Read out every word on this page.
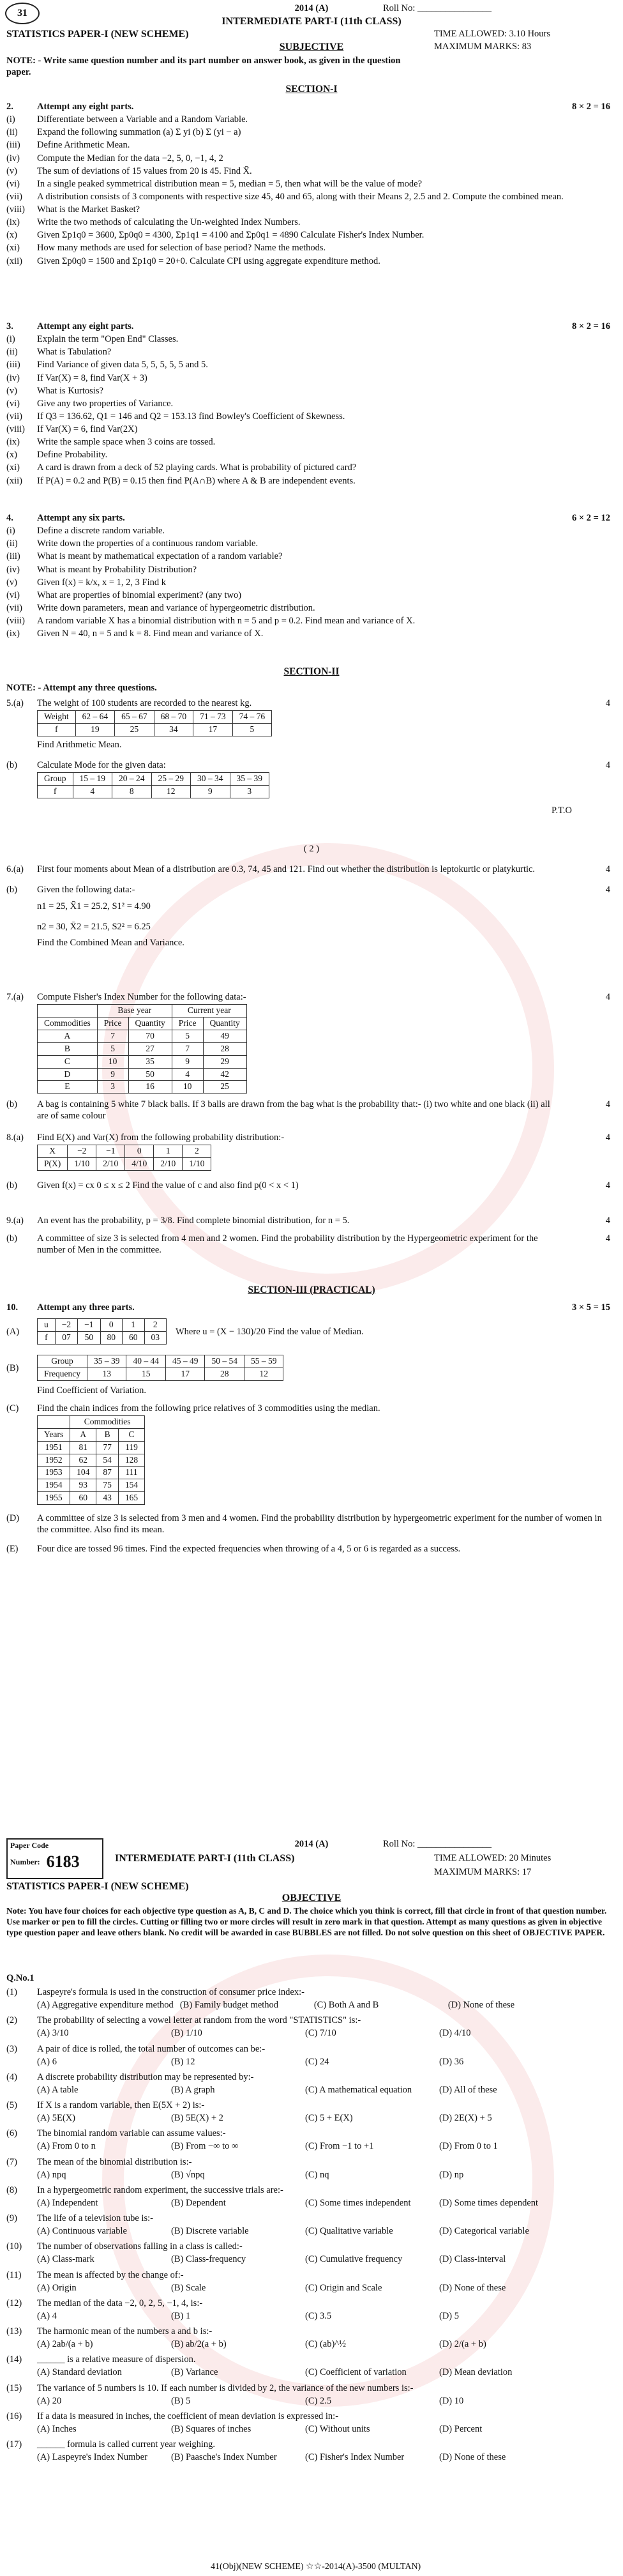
31	2014 (A)	Roll No: ________________
INTERMEDIATE PART-I (11th CLASS)
STATISTICS PAPER-I (NEW SCHEME)	TIME ALLOWED: 3.10 Hours
SUBJECTIVE	MAXIMUM MARKS: 83
NOTE: - Write same question number and its part number on answer book, as given in the question paper.
SECTION-I
2.	Attempt any eight parts.	8 × 2 = 16
(i)	Differentiate between a Variable and a Random Variable.
(ii)	Expand the following summation (a) Σ yi (b) Σ (yi − a)
(iii)	Define Arithmetic Mean.
(iv)	Compute the Median for the data −2, 5, 0, −1, 4, 2
(v)	The sum of deviations of 15 values from 20 is 45. Find X̄.
(vi)	In a single peaked symmetrical distribution mean = 5, median = 5, then what will be the value of mode?
(vii)	A distribution consists of 3 components with respective size 45, 40 and 65, along with their Means 2, 2.5 and 2. Compute the combined mean.
(viii)	What is the Market Basket?
(ix)	Write the two methods of calculating the Un-weighted Index Numbers.
(x)	Given Σp1q0 = 3600, Σp0q0 = 4300, Σp1q1 = 4100 and Σp0q1 = 4890 Calculate Fisher's Index Number.
(xi)	How many methods are used for selection of base period? Name the methods.
(xii)	Given Σp0q0 = 1500 and Σp1q0 = 20+0. Calculate CPI using aggregate expenditure method.
3.	Attempt any eight parts.	8 × 2 = 16
(i)	Explain the term "Open End" Classes.
(ii)	What is Tabulation?
(iii)	Find Variance of given data 5, 5, 5, 5, 5 and 5.
(iv)	If Var(X) = 8, find Var(X + 3)
(v)	What is Kurtosis?
(vi)	Give any two properties of Variance.
(vii)	If Q3 = 136.62, Q1 = 146 and Q2 = 153.13 find Bowley's Coefficient of Skewness.
(viii)	If Var(X) = 6, find Var(2X)
(ix)	Write the sample space when 3 coins are tossed.
(x)	Define Probability.
(xi)	A card is drawn from a deck of 52 playing cards. What is probability of pictured card?
(xii)	If P(A) = 0.2 and P(B) = 0.15 then find P(A∩B) where A & B are independent events.
4.	Attempt any six parts.	6 × 2 = 12
(i)	Define a discrete random variable.
(ii)	Write down the properties of a continuous random variable.
(iii)	What is meant by mathematical expectation of a random variable?
(iv)	What is meant by Probability Distribution?
(v)	Given f(x) = k/x, x = 1, 2, 3 Find k
(vi)	What are properties of binomial experiment? (any two)
(vii)	Write down parameters, mean and variance of hypergeometric distribution.
(viii)	A random variable X has a binomial distribution with n = 5 and p = 0.2. Find mean and variance of X.
(ix)	Given N = 40, n = 5 and k = 8. Find mean and variance of X.
SECTION-II
NOTE: - Attempt any three questions.
5.(a)	The weight of 100 students are recorded to the nearest kg.	4
Weight	62 – 64	65 – 67	68 – 70	71 – 73	74 – 76
f	19	25	34	17	5
Find Arithmetic Mean.
(b)	Calculate Mode for the given data:	4
Group	15 – 19	20 – 24	25 – 29	30 – 34	35 – 39
f	4	8	12	9	3
P.T.O
( 2 )
6.(a)	First four moments about Mean of a distribution are 0.3, 74, 45 and 121. Find out whether the distribution is leptokurtic or platykurtic.	4
(b)	Given the following data:-	4
n1 = 25, X̄1 = 25.2, S1² = 4.90
n2 = 30, X̄2 = 21.5, S2² = 6.25
Find the Combined Mean and Variance.
7.(a)	Compute Fisher's Index Number for the following data:-	4
	Base year		Current year	
Commodities	Price	Quantity	Price	Quantity
A	7	70	5	49
B	5	27	7	28
C	10	35	9	29
D	9	50	4	42
E	3	16	10	25
(b)	A bag is containing 5 white 7 black balls. If 3 balls are drawn from the bag what is the probability that:- (i) two white and one black (ii) all are of same colour
4
8.(a)	Find E(X) and Var(X) from the following probability distribution:-	4
X	−2	−1	0	1	2
P(X)	1/10	2/10	4/10	2/10	1/10
(b)	Given f(x) = cx 0 ≤ x ≤ 2 Find the value of c and also find p(0 < x < 1)	4
9.(a)	An event has the probability, p = 3/8. Find complete binomial distribution, for n = 5.	4
(b)	A committee of size 3 is selected from 4 men and 2 women. Find the probability distribution by the Hypergeometric experiment for the number of Men in the committee.
4
SECTION-III (PRACTICAL)
10.	Attempt any three parts.	3 × 5 = 15
(A)
u	−2	−1	0	1	2
f	07	50	80	60	03
Where u = (X − 130)/20 Find the value of Median.
(B)
Group	35 – 39	40 – 44	45 – 49	50 – 54	55 – 59
Frequency	13	15	17	28	12
Find Coefficient of Variation.
(C)	Find the chain indices from the following price relatives of 3 commodities using the median.
	Commodities		
Years	A	B	C
1951	81	77	119
1952	62	54	128
1953	104	87	111
1954	93	75	154
1955	60	43	165
(D)	A committee of size 3 is selected from 3 men and 4 women. Find the probability distribution by hypergeometric experiment for the number of women in the committee. Also find its mean.
(E)	Four dice are tossed 96 times. Find the expected frequencies when throwing of a 4, 5 or 6 is regarded as a success.
Paper Code
Number: 6183
2014 (A)	Roll No: ________________
INTERMEDIATE PART-I (11th CLASS)	TIME ALLOWED: 20 Minutes
STATISTICS PAPER-I (NEW SCHEME)
OBJECTIVE
MAXIMUM MARKS: 17
Note: You have four choices for each objective type question as A, B, C and D. The choice which you think is correct, fill that circle in front of that question number. Use marker or pen to fill the circles. Cutting or filling two or more circles will result in zero mark in that question. Attempt as many questions as given in objective type question paper and leave others blank. No credit will be awarded in case BUBBLES are not filled. Do not solve question on this sheet of OBJECTIVE PAPER.
Q.No.1
(1)	Laspeyre's formula is used in the construction of consumer price index:-
(A) Aggregative expenditure method (B) Family budget method	(C) Both A and B	(D) None of these
(2)	The probability of selecting a vowel letter at random from the word "STATISTICS" is:-
(A) 3/10	(B) 1/10	(C) 7/10	(D) 4/10
(3)	A pair of dice is rolled, the total number of outcomes can be:-
(A) 6	(B) 12	(C) 24	(D) 36
(4)	A discrete probability distribution may be represented by:-
(A) A table	(B) A graph	(C) A mathematical equation	(D) All of these
(5)	If X is a random variable, then E(5X + 2) is:-
(A) 5E(X)	(B) 5E(X) + 2	(C) 5 + E(X)	(D) 2E(X) + 5
(6)	The binomial random variable can assume values:-
(A) From 0 to n	(B) From −∞ to ∞	(C) From −1 to +1	(D) From 0 to 1
(7)	The mean of the binomial distribution is:-
(A) npq	(B) √npq	(C) nq	(D) np
(8)	In a hypergeometric random experiment, the successive trials are:-
(A) Independent	(B) Dependent	(C) Some times independent	(D) Some times dependent
(9)	The life of a television tube is:-
(A) Continuous variable	(B) Discrete variable	(C) Qualitative variable	(D) Categorical variable
(10)	The number of observations falling in a class is called:-
(A) Class-mark	(B) Class-frequency	(C) Cumulative frequency	(D) Class-interval
(11)	The mean is affected by the change of:-
(A) Origin	(B) Scale	(C) Origin and Scale	(D) None of these
(12)	The median of the data −2, 0, 2, 5, −1, 4, is:-
(A) 4	(B) 1	(C) 3.5	(D) 5
(13)	The harmonic mean of the numbers a and b is:-
(A) 2ab/(a + b)	(B) ab/2(a + b)	(C) (ab)^½	(D) 2/(a + b)
(14)	______ is a relative measure of dispersion.
(A) Standard deviation	(B) Variance	(C) Coefficient of variation	(D) Mean deviation
(15)	The variance of 5 numbers is 10. If each number is divided by 2, the variance of the new numbers is:-
(A) 20	(B) 5	(C) 2.5	(D) 10
(16)	If a data is measured in inches, the coefficient of mean deviation is expressed in:-
(A) Inches	(B) Squares of inches	(C) Without units	(D) Percent
(17)	______ formula is called current year weighing.
(A) Laspeyre's Index Number	(B) Paasche's Index Number	(C) Fisher's Index Number	(D) None of these
41(Obj)(NEW SCHEME) ☆☆-2014(A)-3500 (MULTAN)
